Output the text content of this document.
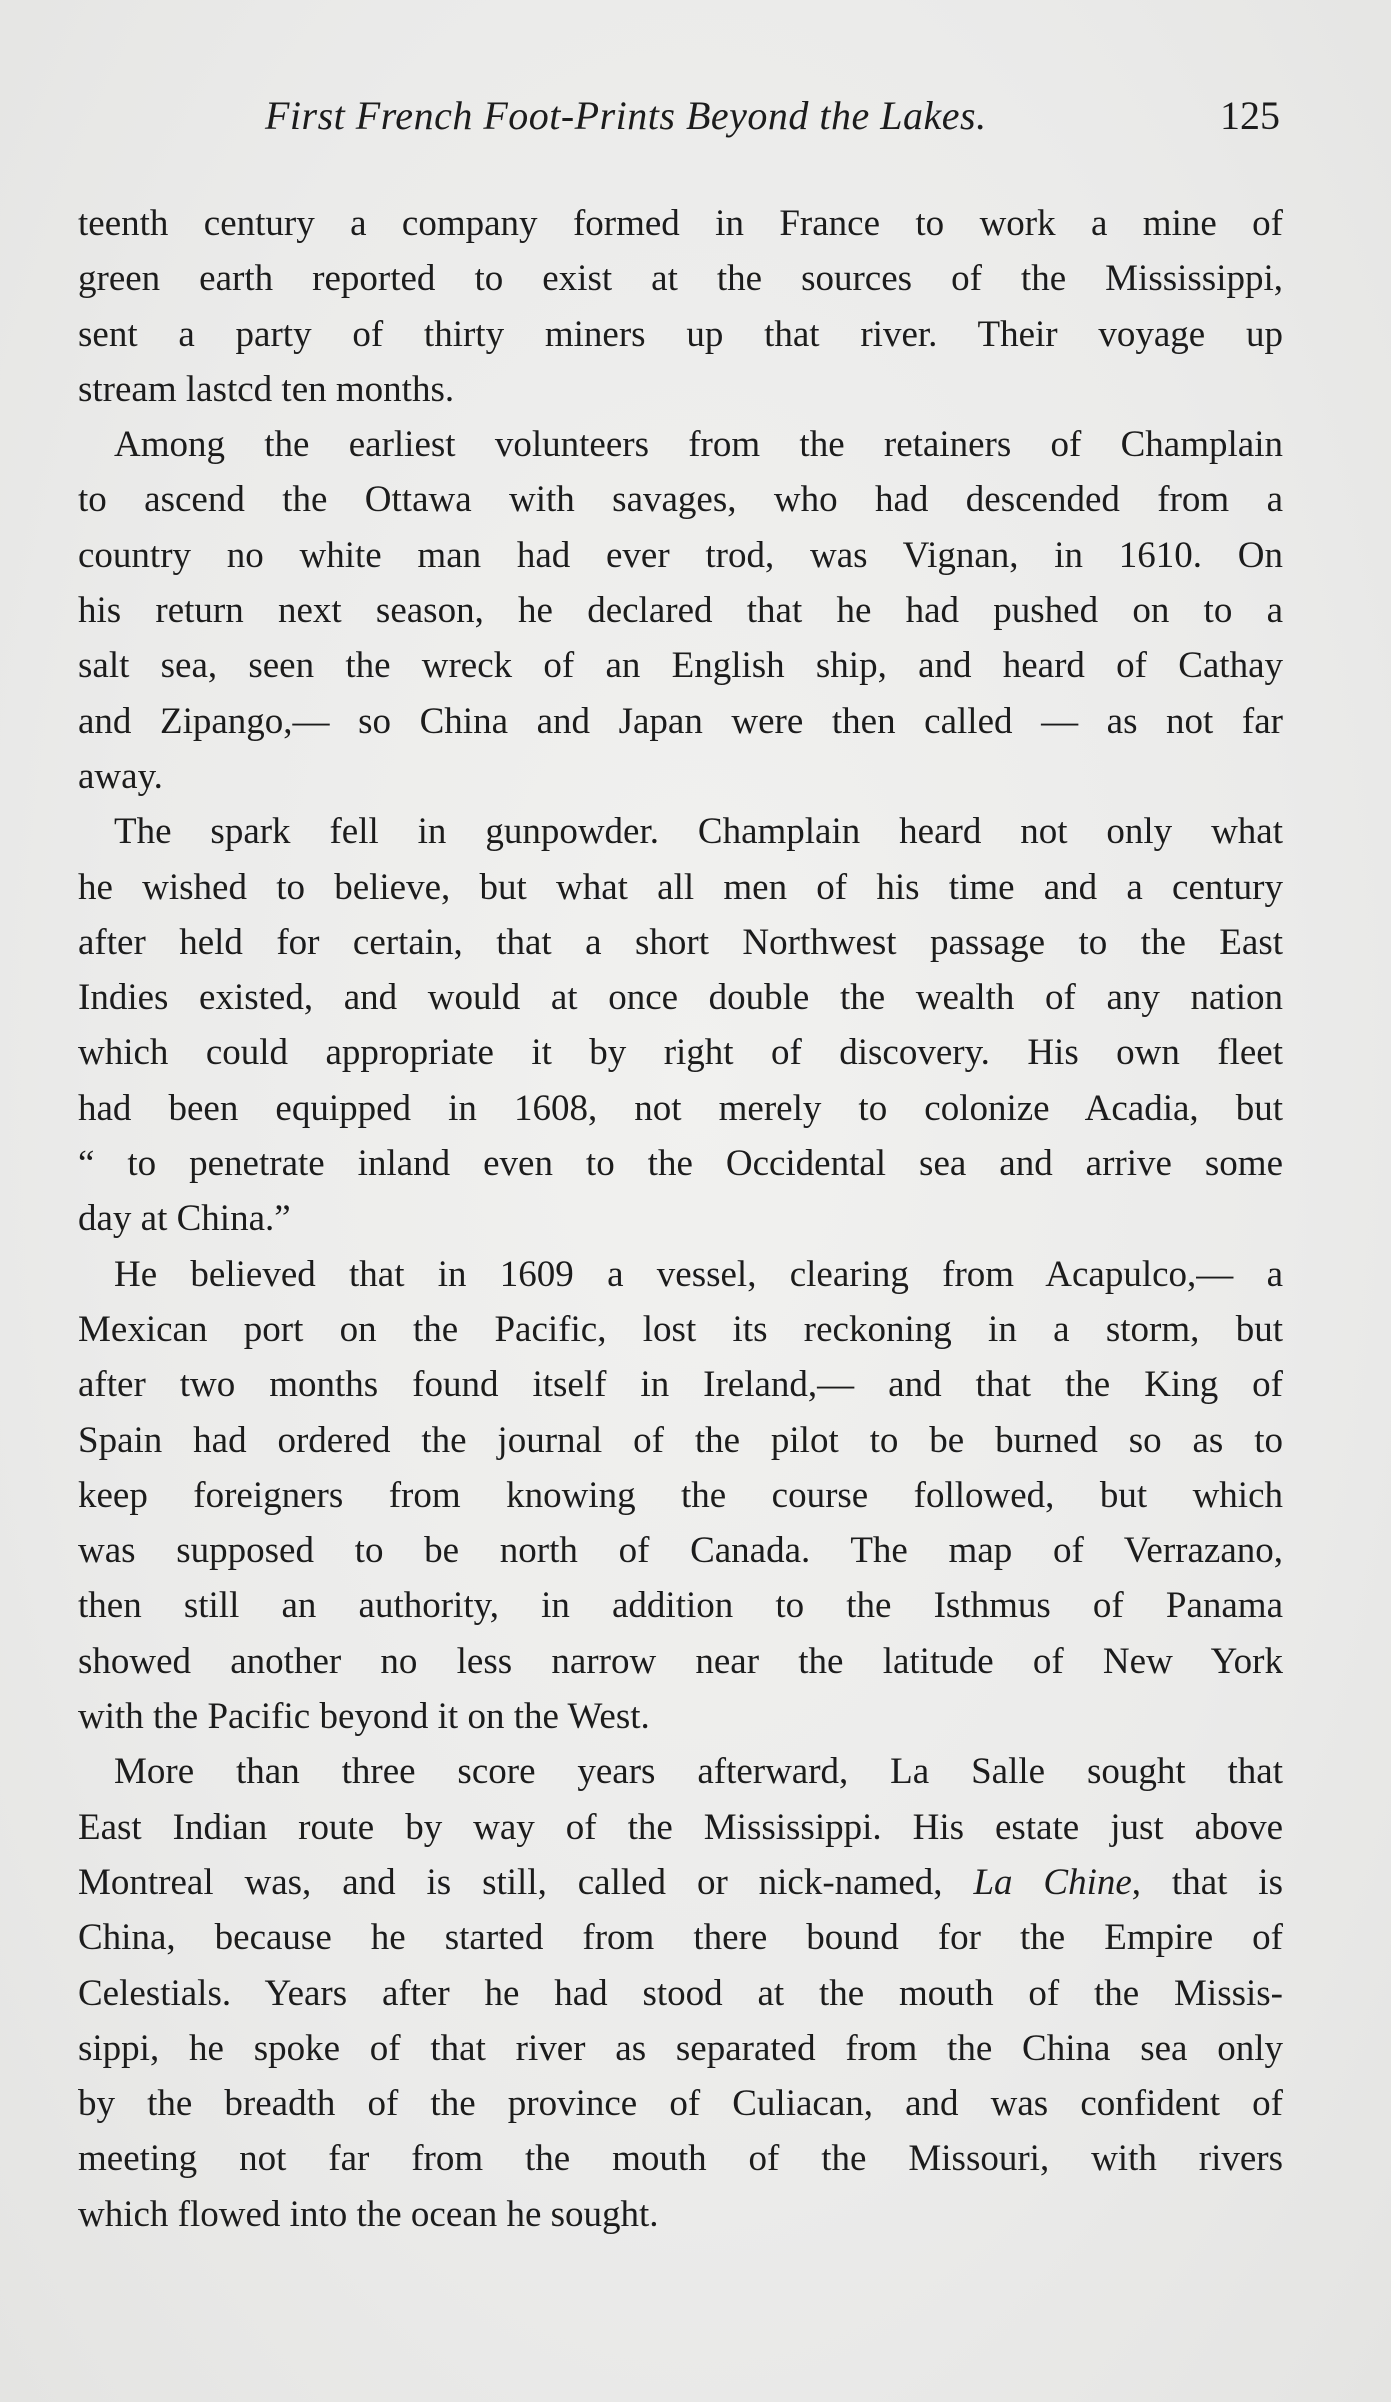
First French Foot-Prints Beyond the Lakes.	125
teenth century a company formed in France to work a mine of
green earth reported to exist at the sources of the Mississippi,
sent a party of thirty miners up that river. Their voyage up
stream lastcd ten months.
Among the earliest volunteers from the retainers of Champlain
to ascend the Ottawa with savages, who had descended from a
country no white man had ever trod, was Vignan, in 1610. On
his return next season, he declared that he had pushed on to a
salt sea, seen the wreck of an English ship, and heard of Cathay
and Zipango,— so China and Japan were then called — as not far
away.
The spark fell in gunpowder. Champlain heard not only what
he wished to believe, but what all men of his time and a century
after held for certain, that a short Northwest passage to the East
Indies existed, and would at once double the wealth of any nation
which could appropriate it by right of discovery. His own fleet
had been equipped in 1608, not merely to colonize Acadia, but
“ to penetrate inland even to the Occidental sea and arrive some
day at China.”
He believed that in 1609 a vessel, clearing from Acapulco,— a
Mexican port on the Pacific, lost its reckoning in a storm, but
after two months found itself in Ireland,— and that the King of
Spain had ordered the journal of the pilot to be burned so as to
keep foreigners from knowing the course followed, but which
was supposed to be north of Canada. The map of Verrazano,
then still an authority, in addition to the Isthmus of Panama
showed another no less narrow near the latitude of New York
with the Pacific beyond it on the West.
More than three score years afterward, La Salle sought that
East Indian route by way of the Mississippi. His estate just above
Montreal was, and is still, called or nick-named, La Chine, that is
China, because he started from there bound for the Empire of
Celestials. Years after he had stood at the mouth of the Missis-
sippi, he spoke of that river as separated from the China sea only
by the breadth of the province of Culiacan, and was confident of
meeting not far from the mouth of the Missouri, with rivers
which flowed into the ocean he sought.
